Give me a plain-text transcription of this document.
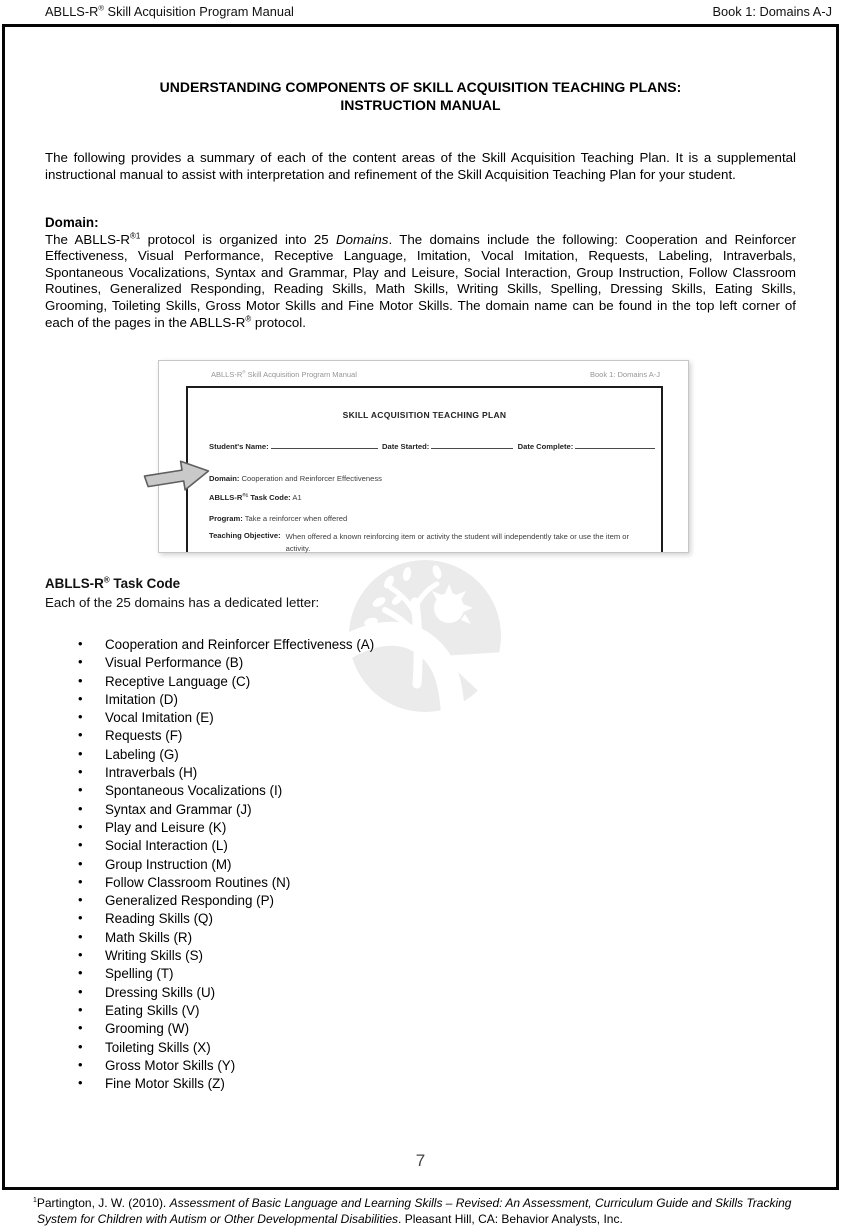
ABLLS-R® Skill Acquisition Program Manual	Book 1: Domains A-J
UNDERSTANDING COMPONENTS OF SKILL ACQUISITION TEACHING PLANS:
INSTRUCTION MANUAL

The following provides a summary of each of the content areas of the Skill Acquisition Teaching Plan. It is a supplemental instructional manual to assist with interpretation and refinement of the Skill Acquisition Teaching Plan for your student.

Domain:
The ABLLS-$R^{®1}$ protocol is organized into 25 Domains. The domains include the following: Cooperation and Reinforcer Effectiveness, Visual Performance, Receptive Language, Imitation, Vocal Imitation, Requests, Labeling, Intraverbals, Spontaneous Vocalizations, Syntax and Grammar, Play and Leisure, Social Interaction, Group Instruction, Follow Classroom Routines, Generalized Responding, Reading Skills, Math Skills, Writing Skills, Spelling, Dressing Skills, Eating Skills, Grooming, Toileting Skills, Gross Motor Skills and Fine Motor Skills. The domain name can be found in the top left corner of each of the pages in the ABLLS-R® protocol.
ABLLS-R® Skill Acquisition Program Manual	Book 1: Domains A-J
SKILL ACQUISITION TEACHING PLAN
Student's Name:	Date Started:	Date Complete:
Domain: Cooperation and Reinforcer Effectiveness
ABLLS-$R^{®1}$ Task Code: A1
Program: Take a reinforcer when offered
Teaching Objective: When offered a known reinforcing item or activity the student will independently take or use the item or activity.
ABLLS-R® Task Code
Each of the 25 domains has a dedicated letter:
• Cooperation and Reinforcer Effectiveness (A)
• Visual Performance (B)
• Receptive Language (C)
• Imitation (D)
• Vocal Imitation (E)
• Requests (F)
• Labeling (G)
• Intraverbals (H)
• Spontaneous Vocalizations (I)
• Syntax and Grammar (J)
• Play and Leisure (K)
• Social Interaction (L)
• Group Instruction (M)
• Follow Classroom Routines (N)
• Generalized Responding (P)
• Reading Skills (Q)
• Math Skills (R)
• Writing Skills (S)
• Spelling (T)
• Dressing Skills (U)
• Eating Skills (V)
• Grooming (W)
• Toileting Skills (X)
• Gross Motor Skills (Y)
• Fine Motor Skills (Z)
7
$^1$Partington, J. W. (2010). Assessment of Basic Language and Learning Skills – Revised: An Assessment, Curriculum Guide and Skills Tracking System for Children with Autism or Other Developmental Disabilities. Pleasant Hill, CA: Behavior Analysts, Inc.
